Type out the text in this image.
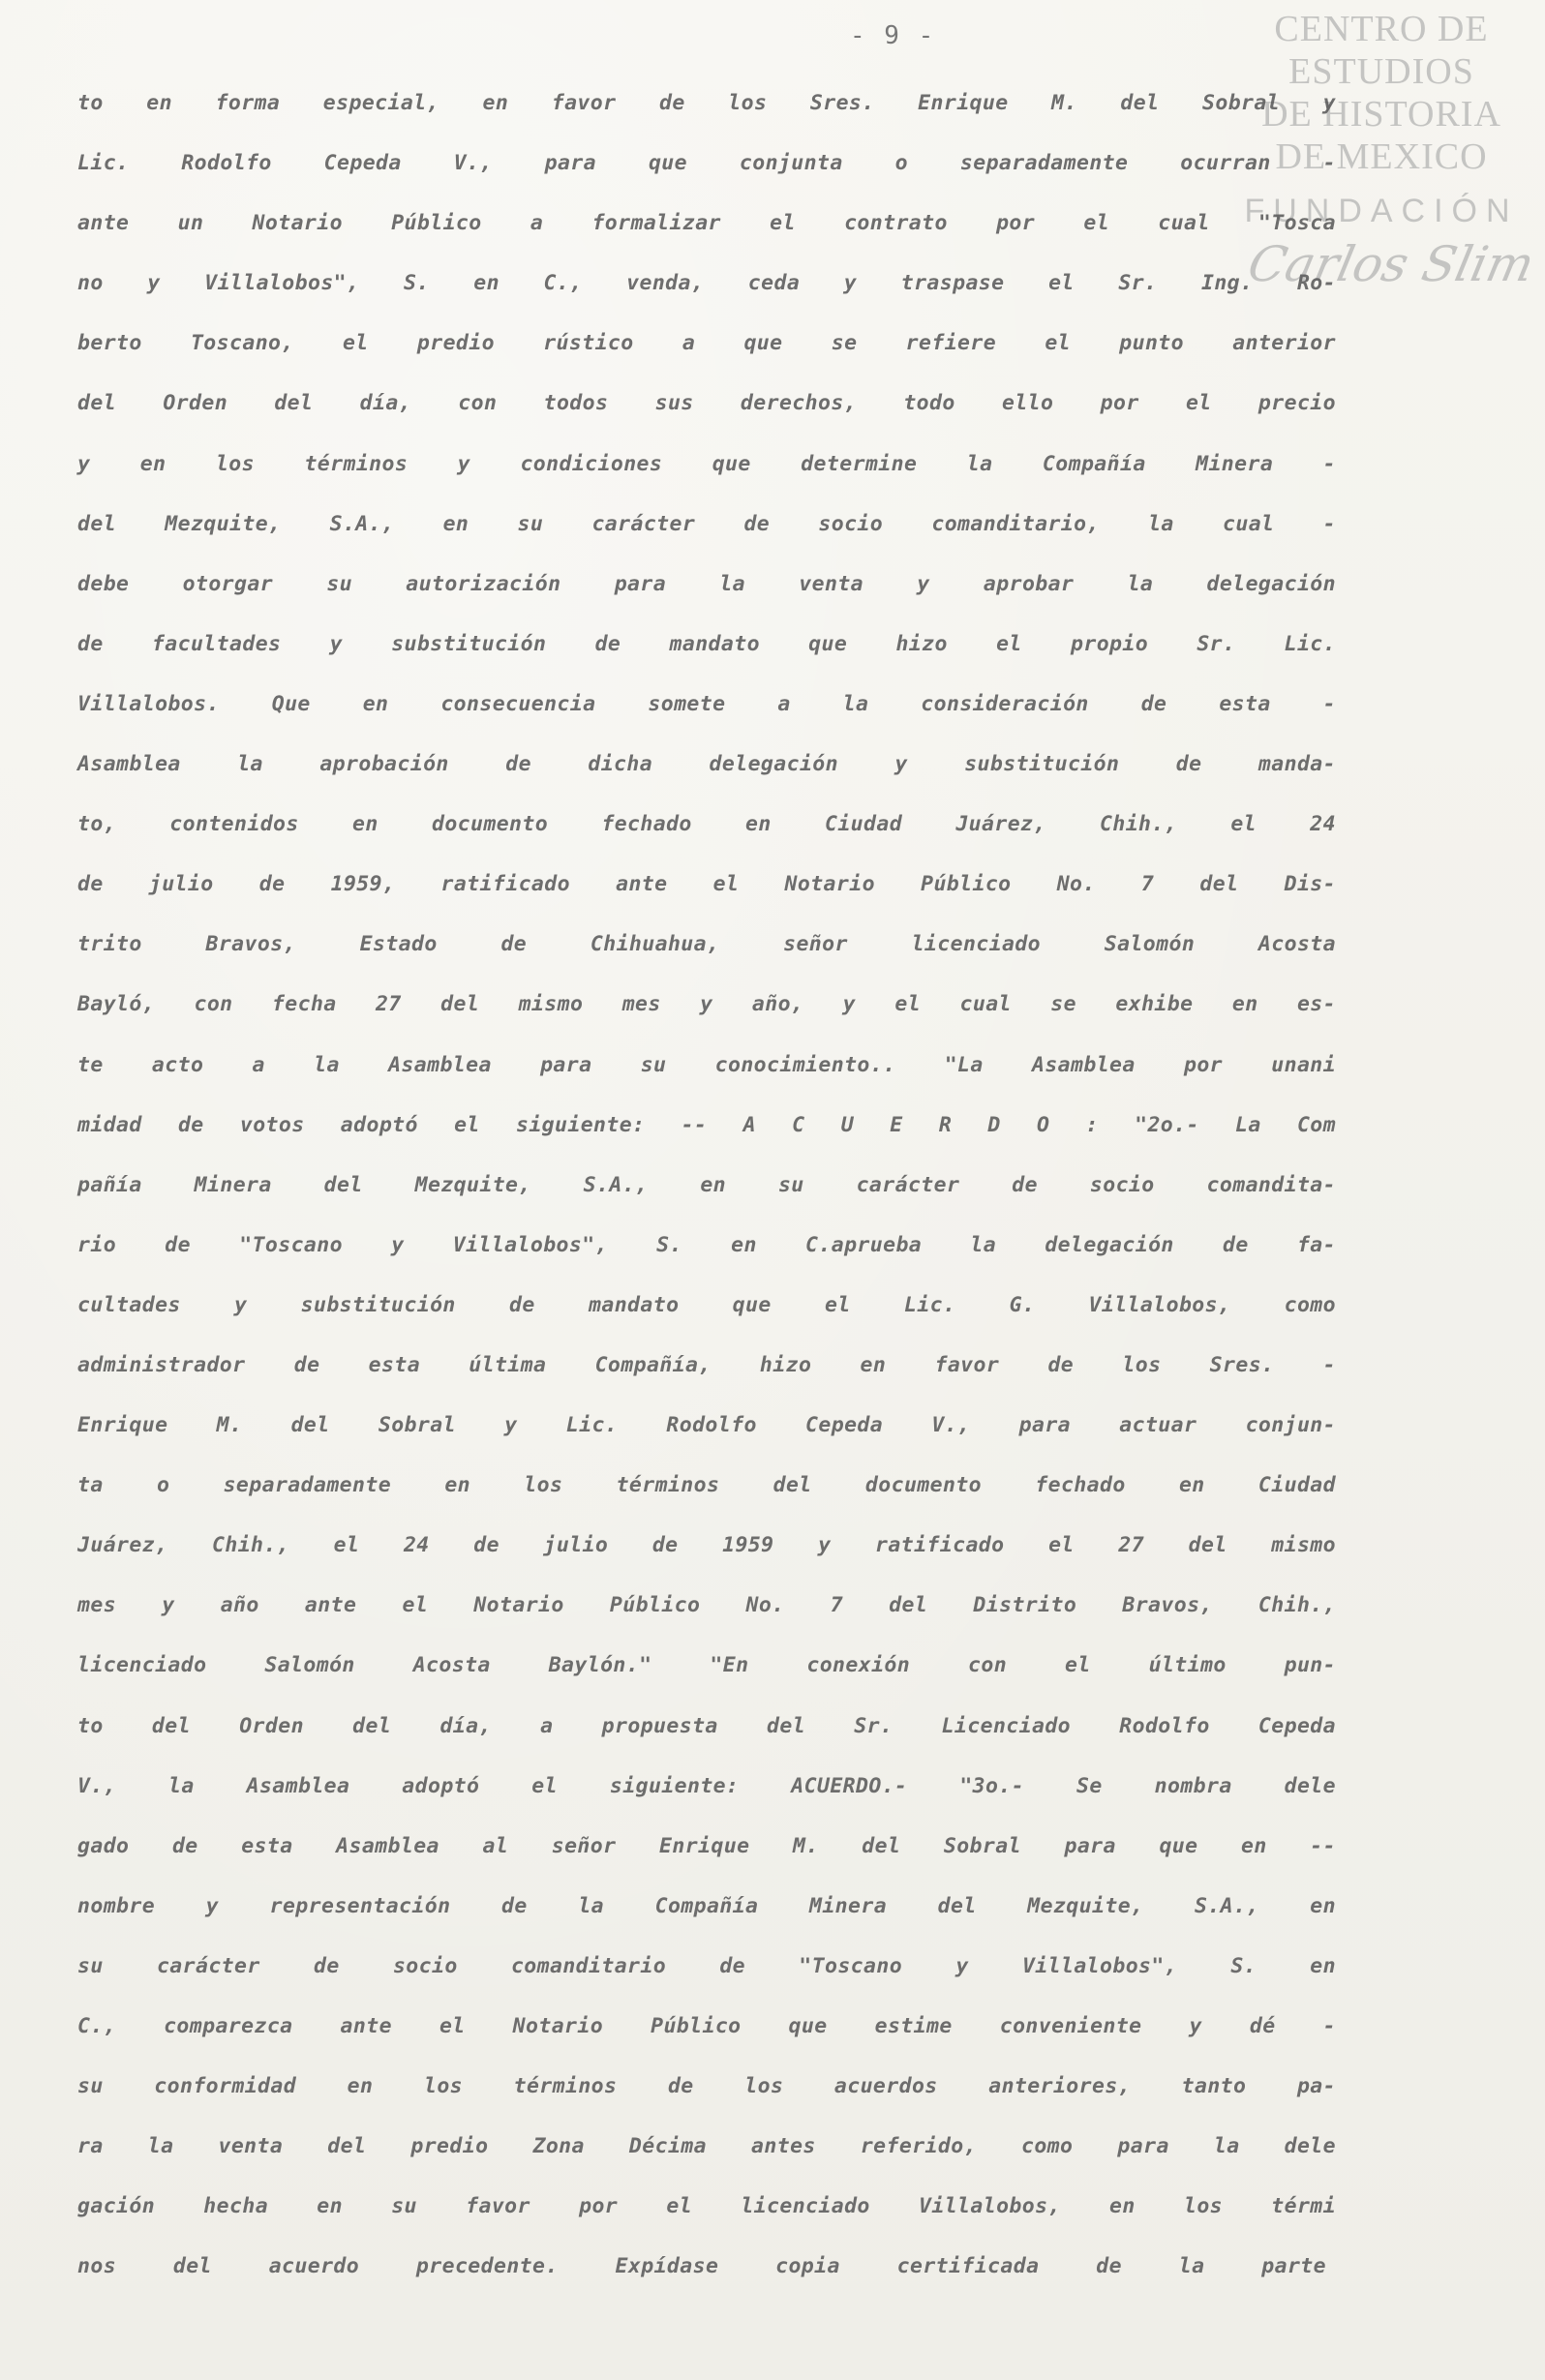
- 9 -	CENTRO DE
ESTUDIOS
DE HISTORIA
DE MEXICO
FUNDACIÓN
Carlos Slim
to en forma especial, en favor de los Sres. Enrique M. del Sobral y
Lic. Rodolfo Cepeda V., para que conjunta o separadamente ocurran -
ante un Notario Público a formalizar el contrato por el cual "Tosca
no y Villalobos", S. en C., venda, ceda y traspase el Sr. Ing. Ro-
berto Toscano, el predio rústico a que se refiere el punto anterior
del Orden del día, con todos sus derechos, todo ello por el precio
y en los términos y condiciones que determine la Compañía Minera -
del Mezquite, S.A., en su carácter de socio comanditario, la cual -
debe otorgar su autorización para la venta y aprobar la delegación
de facultades y substitución de mandato que hizo el propio Sr. Lic.
Villalobos. Que en consecuencia somete a la consideración de esta -
Asamblea la aprobación de dicha delegación y substitución de manda-
to, contenidos en documento fechado en Ciudad Juárez, Chih., el 24
de julio de 1959, ratificado ante el Notario Público No. 7 del Dis-
trito Bravos, Estado de Chihuahua, señor licenciado Salomón Acosta
Bayló, con fecha 27 del mismo mes y año, y el cual se exhibe en es-
te acto a la Asamblea para su conocimiento.. "La Asamblea por unani
midad de votos adoptó el siguiente: -- A C U E R D O : "2o.- La Com
pañía Minera del Mezquite, S.A., en su carácter de socio comandita-
rio de "Toscano y Villalobos", S. en C.aprueba la delegación de fa-
cultades y substitución de mandato que el Lic. G. Villalobos, como
administrador de esta última Compañía, hizo en favor de los Sres. -
Enrique M. del Sobral y Lic. Rodolfo Cepeda V., para actuar conjun-
ta o separadamente en los términos del documento fechado en Ciudad
Juárez, Chih., el 24 de julio de 1959 y ratificado el 27 del mismo
mes y año ante el Notario Público No. 7 del Distrito Bravos, Chih.,
licenciado Salomón Acosta Baylón." "En conexión con el último pun-
to del Orden del día, a propuesta del Sr. Licenciado Rodolfo Cepeda
V., la Asamblea adoptó el siguiente: ACUERDO.- "3o.- Se nombra dele
gado de esta Asamblea al señor Enrique M. del Sobral para que en --
nombre y representación de la Compañía Minera del Mezquite, S.A., en
su carácter de socio comanditario de "Toscano y Villalobos", S. en
C., comparezca ante el Notario Público que estime conveniente y dé -
su conformidad en los términos de los acuerdos anteriores, tanto pa-
ra la venta del predio Zona Décima antes referido, como para la dele
gación hecha en su favor por el licenciado Villalobos, en los térmi
nos del acuerdo precedente. Expídase copia certificada de la parte
